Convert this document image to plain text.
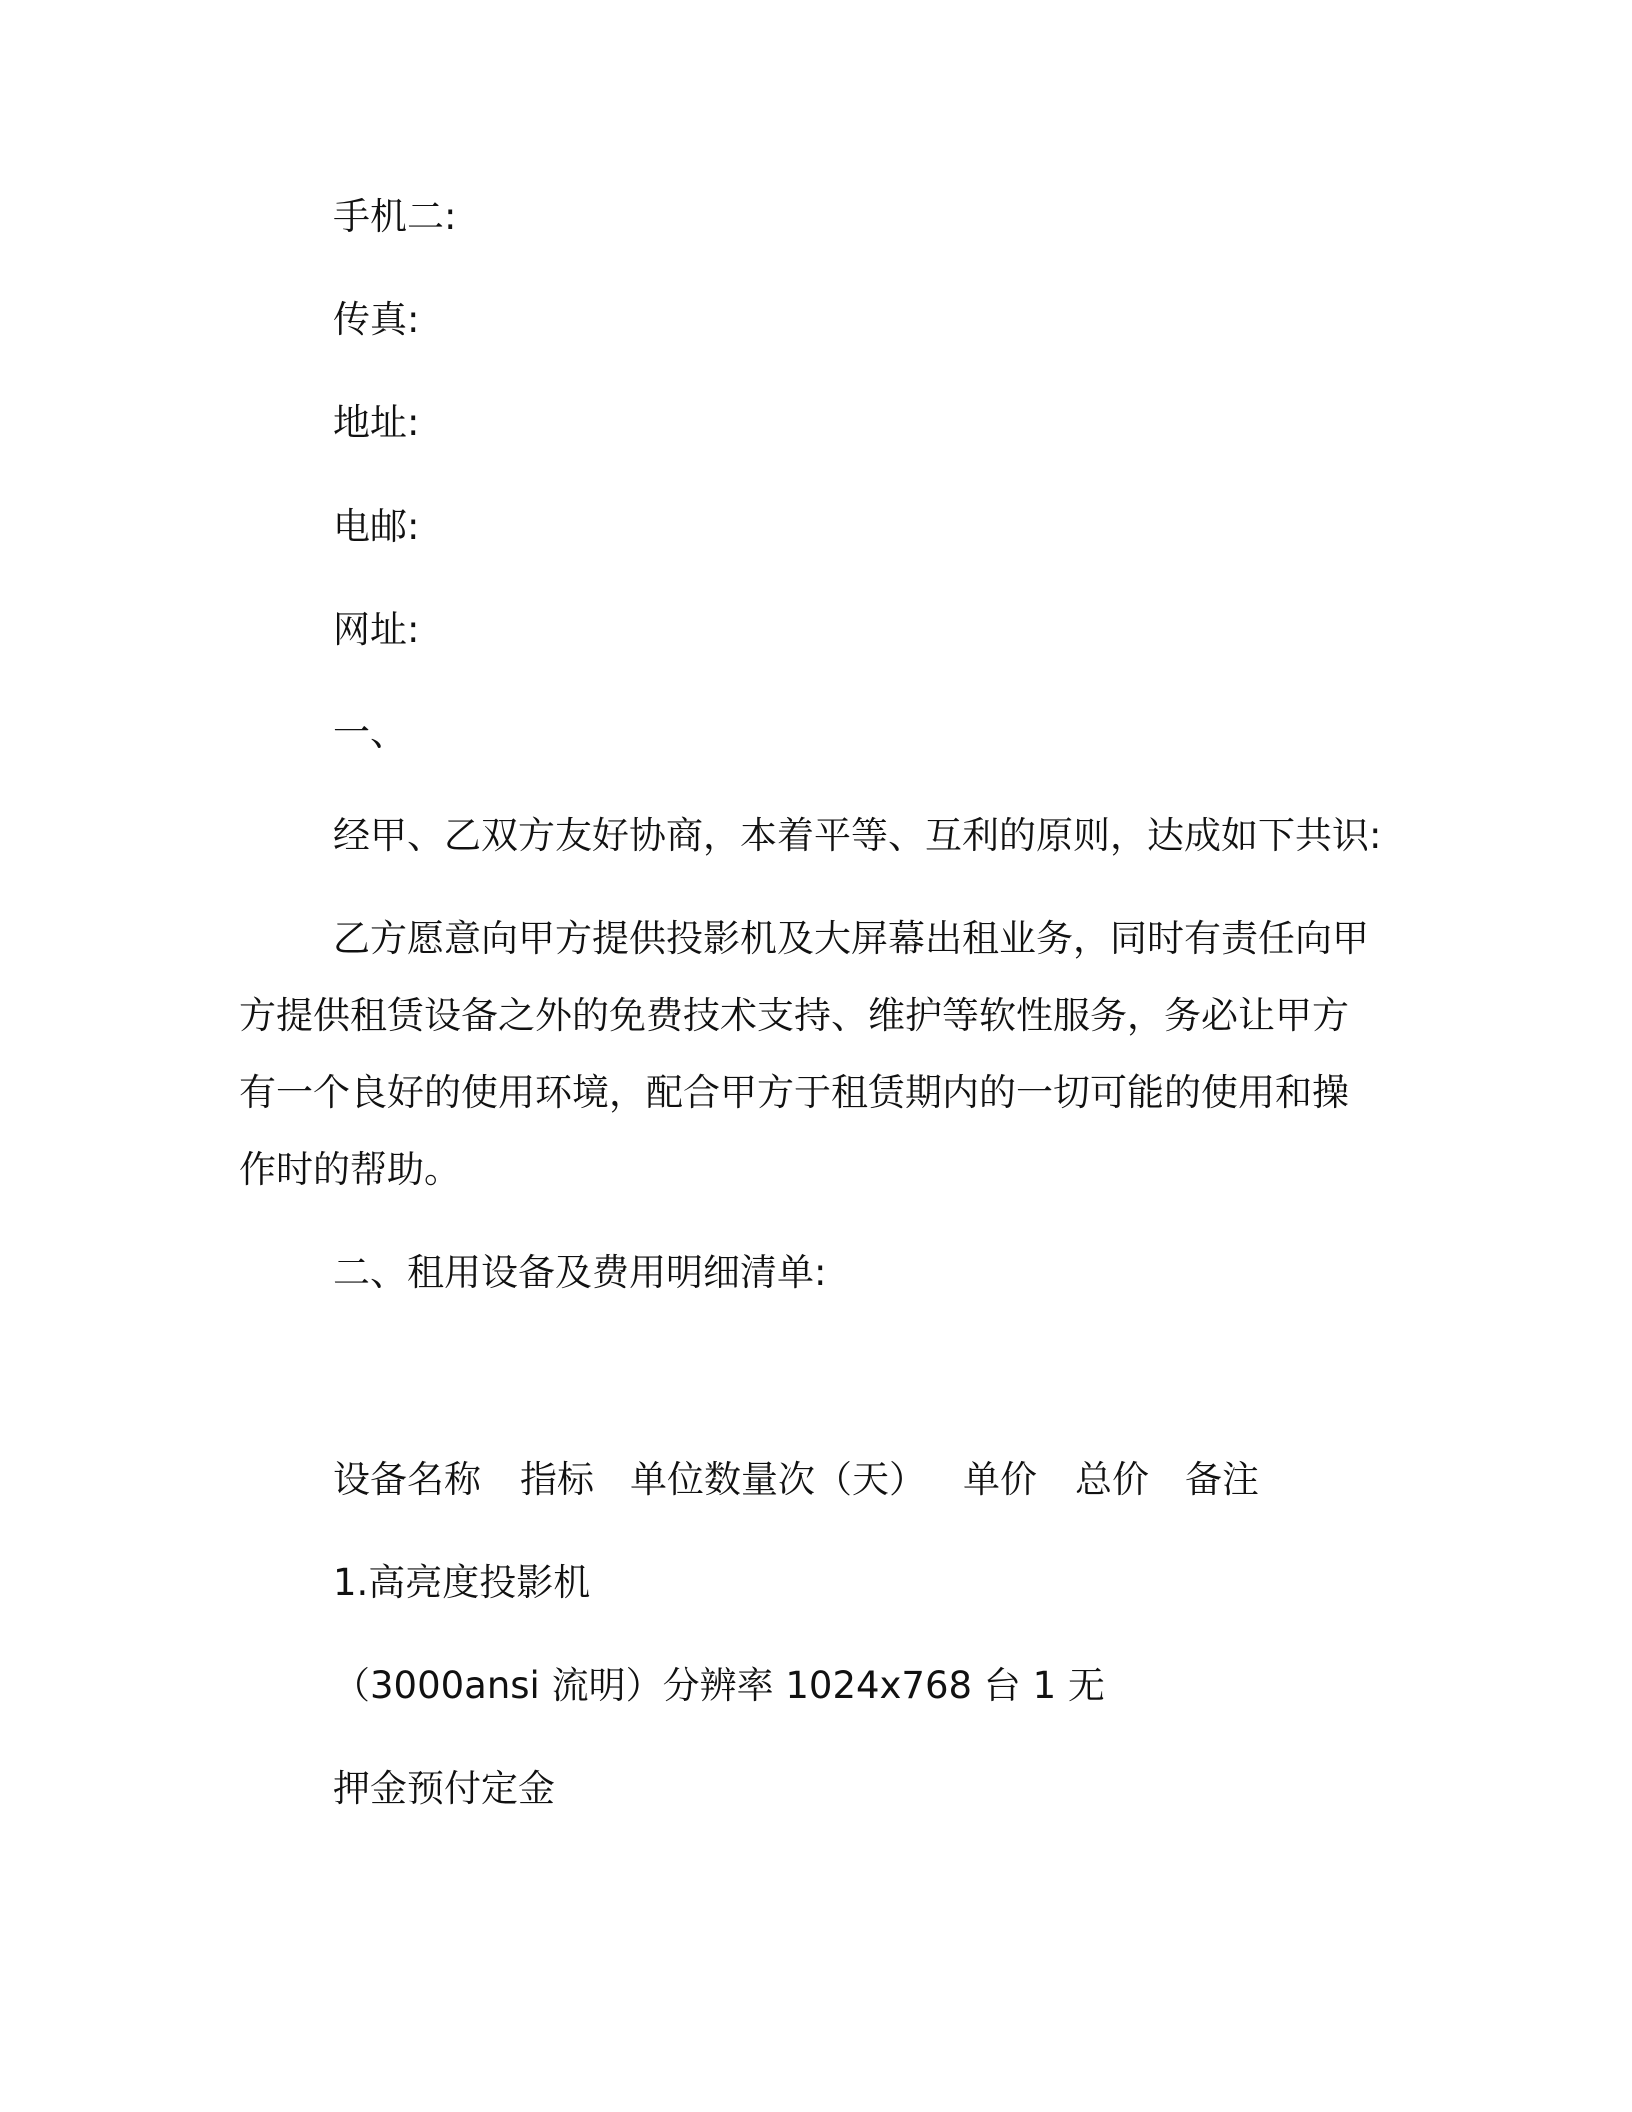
手机二:

传真:

地址:

电邮:

网址:

一、

经甲、乙双方友好协商，本着平等、互利的原则，达成如下共识:

乙方愿意向甲方提供投影机及大屏幕出租业务，同时有责任向甲

方提供租赁设备之外的免费技术支持、维护等软性服务，务必让甲方

有一个良好的使用环境，配合甲方于租赁期内的一切可能的使用和操

作时的帮助。

二、租用设备及费用明细清单:

设备名称 指标 单位数量次（天） 单价 总价 备注

1.高亮度投影机

（3000ansi 流明）分辨率 1024x768 台 1 无

押金预付定金
